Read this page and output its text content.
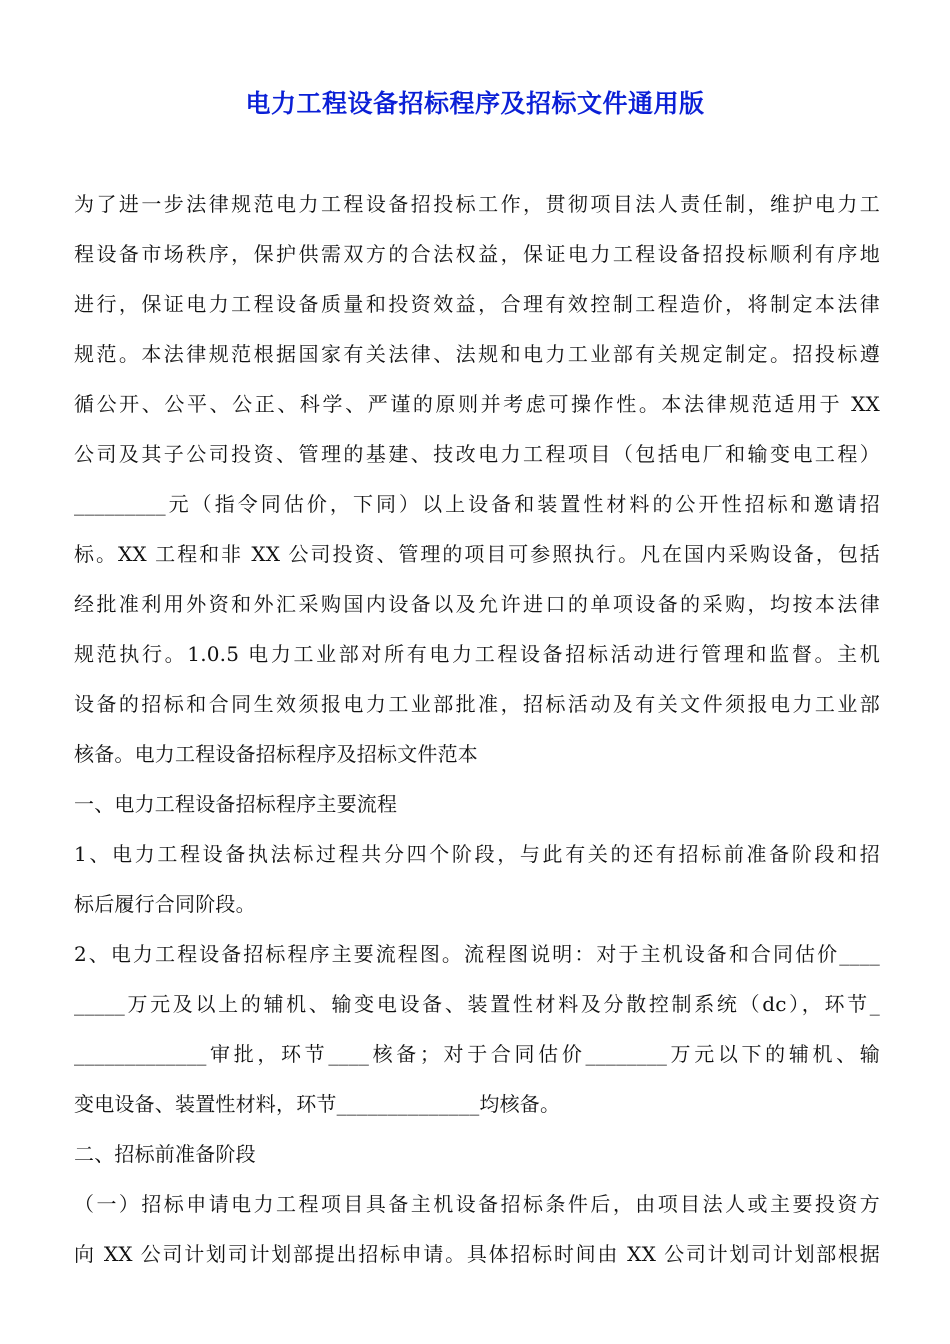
电力工程设备招标程序及招标文件通用版
为了进一步法律规范电力工程设备招投标工作，贯彻项目法人责任制，维护电力工
程设备市场秩序，保护供需双方的合法权益，保证电力工程设备招投标顺利有序地
进行，保证电力工程设备质量和投资效益，合理有效控制工程造价，将制定本法律
规范。本法律规范根据国家有关法律、法规和电力工业部有关规定制定。招投标遵
循公开、公平、公正、科学、严谨的原则并考虑可操作性。本法律规范适用于 XX
公司及其子公司投资、管理的基建、技改电力工程项目（包括电厂和输变电工程）
_________元（指令同估价，下同）以上设备和装置性材料的公开性招标和邀请招
标。XX 工程和非 XX 公司投资、管理的项目可参照执行。凡在国内采购设备，包括
经批准利用外资和外汇采购国内设备以及允许进口的单项设备的采购，均按本法律
规范执行。1.0.5 电力工业部对所有电力工程设备招标活动进行管理和监督。主机
设备的招标和合同生效须报电力工业部批准，招标活动及有关文件须报电力工业部
核备。电力工程设备招标程序及招标文件范本
一、电力工程设备招标程序主要流程
1、电力工程设备执法标过程共分四个阶段，与此有关的还有招标前准备阶段和招
标后履行合同阶段。
2、电力工程设备招标程序主要流程图。流程图说明：对于主机设备和合同估价____
_____万元及以上的辅机、输变电设备、装置性材料及分散控制系统（dc），环节_
_____________审批，环节____核备；对于合同估价________万元以下的辅机、输
变电设备、装置性材料，环节______________均核备。
二、招标前准备阶段
（一）招标申请电力工程项目具备主机设备招标条件后，由项目法人或主要投资方
向 XX 公司计划司计划部提出招标申请。具体招标时间由 XX 公司计划司计划部根据
